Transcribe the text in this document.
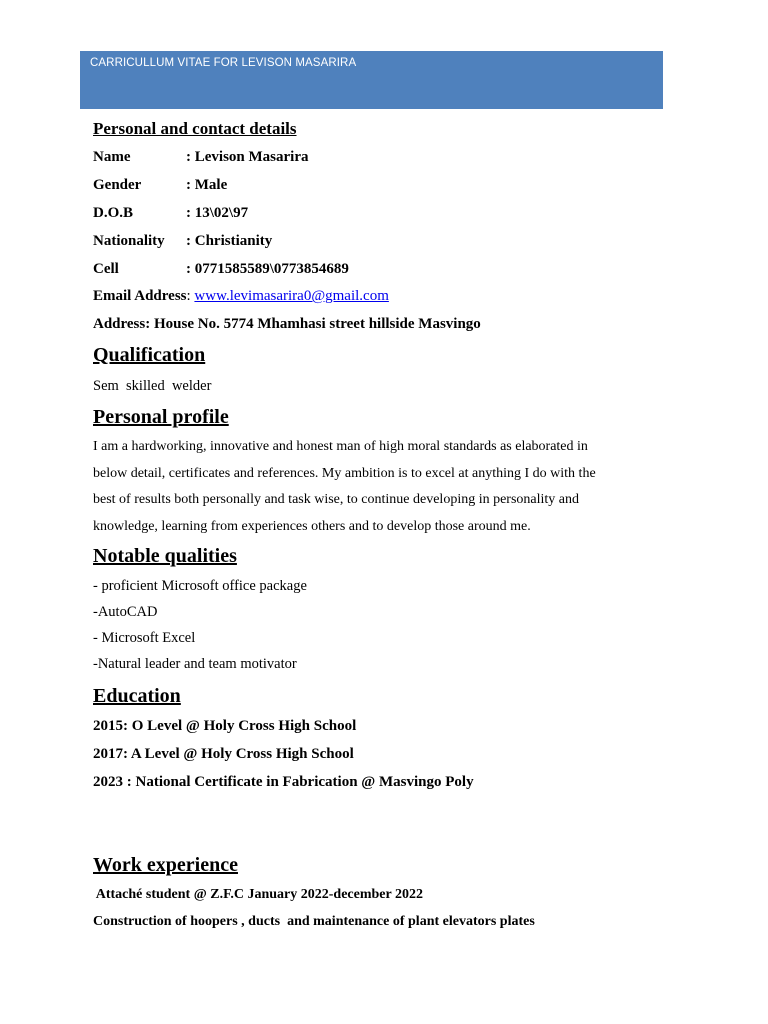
CARRICULLUM VITAE FOR LEVISON MASARIRA
Personal and contact details
Name	: Levison Masarira
Gender	: Male
D.O.B	: 13\02\97
Nationality : Christianity
Cell	: 0771585589\0773854689
Email Address: www.levimasarira0@gmail.com
Address: House No. 5774 Mhamhasi street hillside Masvingo
Qualification
Sem  skilled  welder
Personal profile
I am a hardworking, innovative and honest man of high moral standards as elaborated in
below detail, certificates and references. My ambition is to excel at anything I do with the
best of results both personally and task wise, to continue developing in personality and
knowledge, learning from experiences others and to develop those around me.
Notable qualities
- proficient Microsoft office package
-AutoCAD
- Microsoft Excel
-Natural leader and team motivator
Education
2015: O Level @ Holy Cross High School
2017: A Level @ Holy Cross High School
2023 : National Certificate in Fabrication @ Masvingo Poly
Work experience
Attaché student @ Z.F.C January 2022-december 2022
Construction of hoopers , ducts  and maintenance of plant elevators plates
